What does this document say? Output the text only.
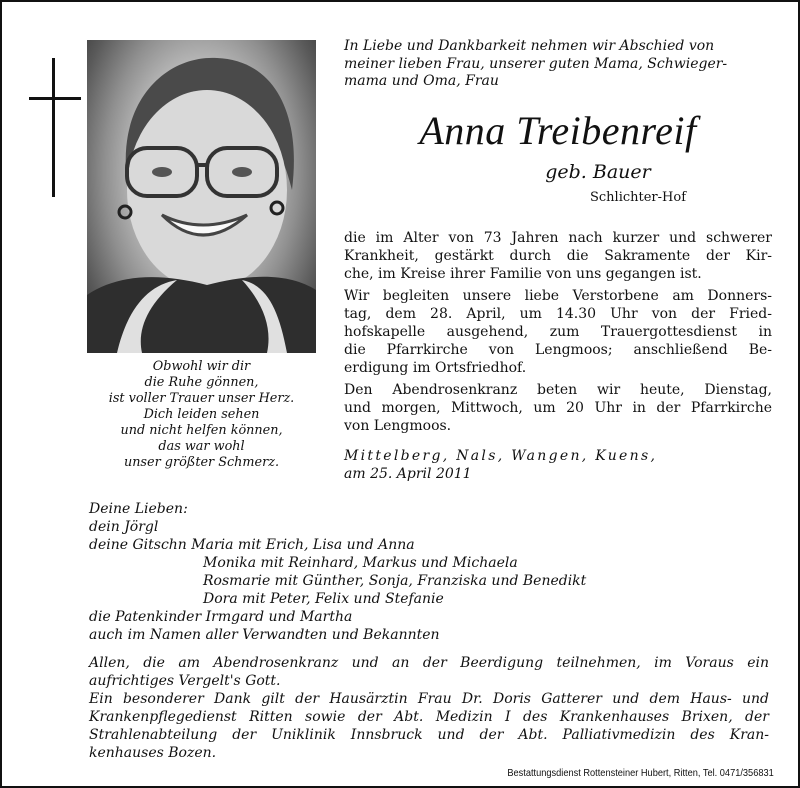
Obwohl wir dir
die Ruhe gönnen,
ist voller Trauer unser Herz.
Dich leiden sehen
und nicht helfen können,
das war wohl
unser größter Schmerz.
In Liebe und Dankbarkeit nehmen wir Abschied von
meiner lieben Frau, unserer guten Mama, Schwieger-
mama und Oma, Frau
Anna Treibenreif
geb. Bauer
Schlichter-Hof
die im Alter von 73 Jahren nach kurzer und schwerer
Krankheit, gestärkt durch die Sakramente der Kir-
che, im Kreise ihrer Familie von uns gegangen ist.
Wir begleiten unsere liebe Verstorbene am Donners-
tag, dem 28. April, um 14.30 Uhr von der Fried-
hofskapelle ausgehend, zum Trauergottesdienst in
die Pfarrkirche von Lengmoos; anschließend Be-
erdigung im Ortsfriedhof.
Den Abendrosenkranz beten wir heute, Dienstag,
und morgen, Mittwoch, um 20 Uhr in der Pfarrkirche
von Lengmoos.
Mittelberg, Nals, Wangen, Kuens,
am 25. April 2011
Deine Lieben:
dein Jörgl
deine Gitschn Maria mit Erich, Lisa und Anna
Monika mit Reinhard, Markus und Michaela
Rosmarie mit Günther, Sonja, Franziska und Benedikt
Dora mit Peter, Felix und Stefanie
die Patenkinder Irmgard und Martha
auch im Namen aller Verwandten und Bekannten
Allen, die am Abendrosenkranz und an der Beerdigung teilnehmen, im Voraus ein
aufrichtiges Vergelt's Gott.
Ein besonderer Dank gilt der Hausärztin Frau Dr. Doris Gatterer und dem Haus- und
Krankenpflegedienst Ritten sowie der Abt. Medizin I des Krankenhauses Brixen, der
Strahlenabteilung der Uniklinik Innsbruck und der Abt. Palliativmedizin des Kran-
kenhauses Bozen.
Bestattungsdienst Rottensteiner Hubert, Ritten, Tel. 0471/356831
